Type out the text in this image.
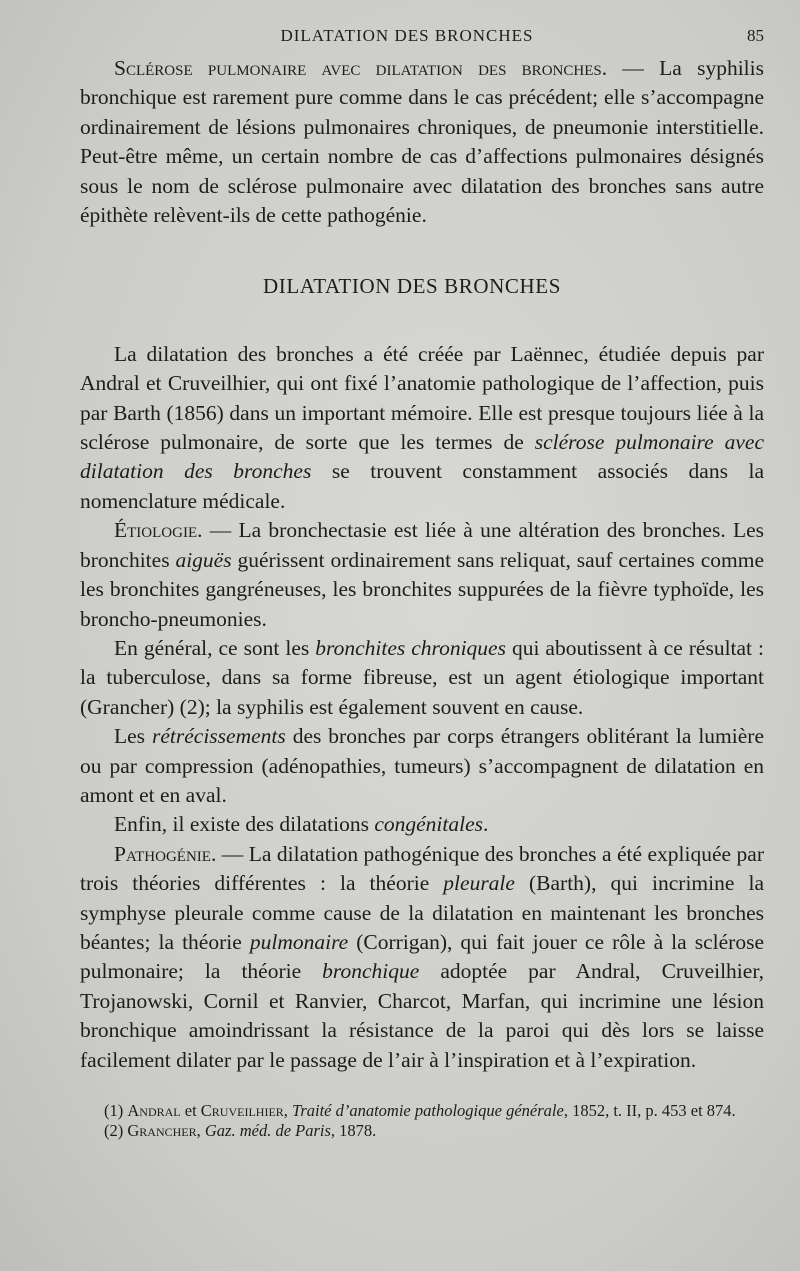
DILATATION DES BRONCHES	85

Sclérose pulmonaire avec dilatation des bronches. — La syphilis bronchique est rarement pure comme dans le cas précédent; elle s’accompagne ordinairement de lésions pulmonaires chroniques, de pneumonie interstitielle. Peut-être même, un certain nombre de cas d’affections pulmonaires désignés sous le nom de sclérose pulmonaire avec dilatation des bronches sans autre épithète relèvent-ils de cette pathogénie.

DILATATION DES BRONCHES

La dilatation des bronches a été créée par Laënnec, étudiée depuis par Andral et Cruveilhier, qui ont fixé l’anatomie pathologique de l’affection, puis par Barth (1856) dans un important mémoire. Elle est presque toujours liée à la sclérose pulmonaire, de sorte que les termes de sclérose pulmonaire avec dilatation des bronches se trouvent constamment associés dans la nomenclature médicale.

Étiologie. — La bronchectasie est liée à une altération des bronches. Les bronchites aiguës guérissent ordinairement sans reliquat, sauf certaines comme les bronchites gangréneuses, les bronchites suppurées de la fièvre typhoïde, les broncho-pneumonies.

En général, ce sont les bronchites chroniques qui aboutissent à ce résultat : la tuberculose, dans sa forme fibreuse, est un agent étiologique important (Grancher) (2); la syphilis est également souvent en cause.

Les rétrécissements des bronches par corps étrangers oblitérant la lumière ou par compression (adénopathies, tumeurs) s’accompagnent de dilatation en amont et en aval.

Enfin, il existe des dilatations congénitales.

Pathogénie. — La dilatation pathogénique des bronches a été expliquée par trois théories différentes : la théorie pleurale (Barth), qui incrimine la symphyse pleurale comme cause de la dilatation en maintenant les bronches béantes; la théorie pulmonaire (Corrigan), qui fait jouer ce rôle à la sclérose pulmonaire; la théorie bronchique adoptée par Andral, Cruveilhier, Trojanowski, Cornil et Ranvier, Charcot, Marfan, qui incrimine une lésion bronchique amoindrissant la résistance de la paroi qui dès lors se laisse facilement dilater par le passage de l’air à l’inspiration et à l’expiration.

(1) Andral et Cruveilhier, Traité d’anatomie pathologique générale, 1852, t. II, p. 453 et 874.

(2) Grancher, Gaz. méd. de Paris, 1878.
